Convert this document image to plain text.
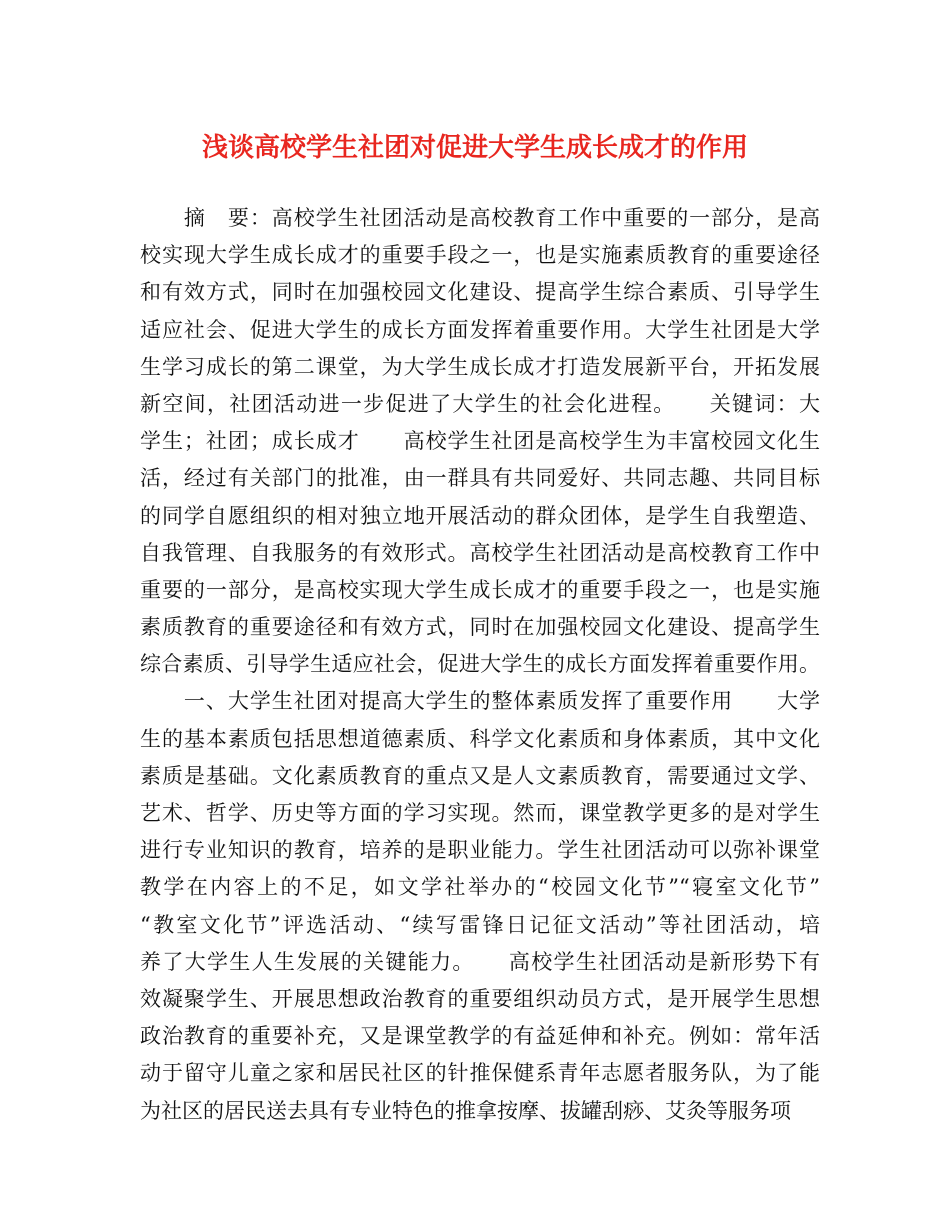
浅谈高校学生社团对促进大学生成长成才的作用
　　摘　要：高校学生社团活动是高校教育工作中重要的一部分，是高
校实现大学生成长成才的重要手段之一，也是实施素质教育的重要途径
和有效方式，同时在加强校园文化建设、提高学生综合素质、引导学生
适应社会、促进大学生的成长方面发挥着重要作用。大学生社团是大学
生学习成长的第二课堂，为大学生成长成才打造发展新平台，开拓发展
新空间，社团活动进一步促进了大学生的社会化进程。　　关键词：大
学生；社团；成长成才　　高校学生社团是高校学生为丰富校园文化生
活，经过有关部门的批准，由一群具有共同爱好、共同志趣、共同目标
的同学自愿组织的相对独立地开展活动的群众团体，是学生自我塑造、
自我管理、自我服务的有效形式。高校学生社团活动是高校教育工作中
重要的一部分，是高校实现大学生成长成才的重要手段之一，也是实施
素质教育的重要途径和有效方式，同时在加强校园文化建设、提高学生
综合素质、引导学生适应社会，促进大学生的成长方面发挥着重要作用。
　　一、大学生社团对提高大学生的整体素质发挥了重要作用　　大学
生的基本素质包括思想道德素质、科学文化素质和身体素质，其中文化
素质是基础。文化素质教育的重点又是人文素质教育，需要通过文学、
艺术、哲学、历史等方面的学习实现。然而，课堂教学更多的是对学生
进行专业知识的教育，培养的是职业能力。学生社团活动可以弥补课堂
教学在内容上的不足，如文学社举办的“校园文化节”“寝室文化节”
“教室文化节”评选活动、“续写雷锋日记征文活动”等社团活动，培
养了大学生人生发展的关键能力。　　高校学生社团活动是新形势下有
效凝聚学生、开展思想政治教育的重要组织动员方式，是开展学生思想
政治教育的重要补充，又是课堂教学的有益延伸和补充。例如：常年活
动于留守儿童之家和居民社区的针推保健系青年志愿者服务队，为了能
为社区的居民送去具有专业特色的推拿按摩、拔罐刮痧、艾灸等服务项
